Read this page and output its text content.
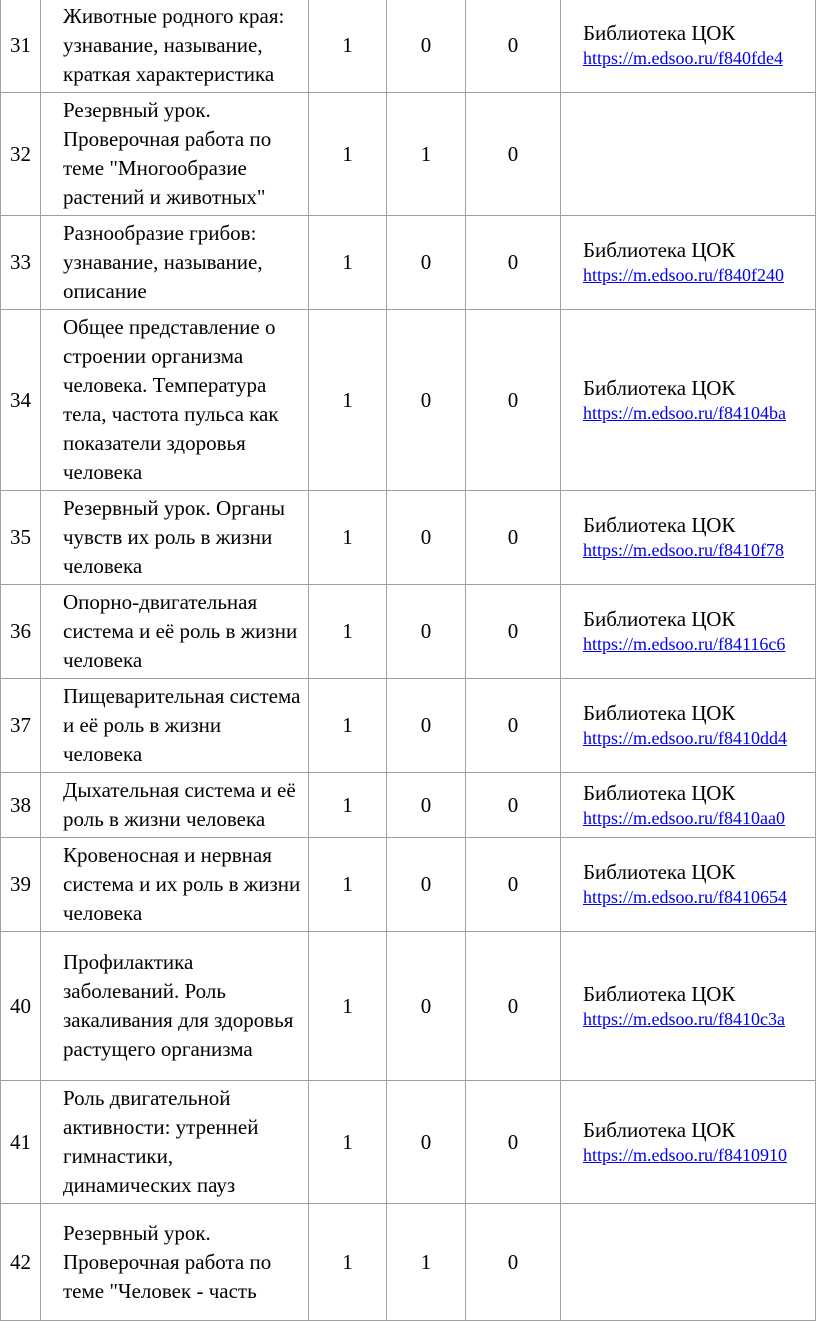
31	Животные родного края: узнавание, называние, краткая характеристика	1	0	0	Библиотека ЦОК
https://m.edsoo.ru/f840fde4

32	Резервный урок. Проверочная работа по теме "Многообразие растений и животных"	1	1	0	
33	Разнообразие грибов: узнавание, называние, описание	1	0	0	Библиотека ЦОК
https://m.edsoo.ru/f840f240

34	Общее представление о строении организма человека. Температура тела, частота пульса как показатели здоровья человека	1	0	0	Библиотека ЦОК
https://m.edsoo.ru/f84104ba

35	Резервный урок. Органы чувств их роль в жизни человека	1	0	0	Библиотека ЦОК
https://m.edsoo.ru/f8410f78

36	Опорно-двигательная система и её роль в жизни человека	1	0	0	Библиотека ЦОК
https://m.edsoo.ru/f84116c6

37	Пищеварительная система и её роль в жизни человека	1	0	0	Библиотека ЦОК
https://m.edsoo.ru/f8410dd4

38	Дыхательная система и её роль в жизни человека	1	0	0	Библиотека ЦОК
https://m.edsoo.ru/f8410aa0

39	Кровеносная и нервная система и их роль в жизни человека	1	0	0	Библиотека ЦОК
https://m.edsoo.ru/f8410654

40	Профилактика заболеваний. Роль закаливания для здоровья растущего организма	1	0	0	Библиотека ЦОК
https://m.edsoo.ru/f8410c3a

41	Роль двигательной активности: утренней гимнастики, динамических пауз	1	0	0	Библиотека ЦОК
https://m.edsoo.ru/f8410910

42	Резервный урок. Проверочная работа по теме "Человек - часть	1	1	0	
